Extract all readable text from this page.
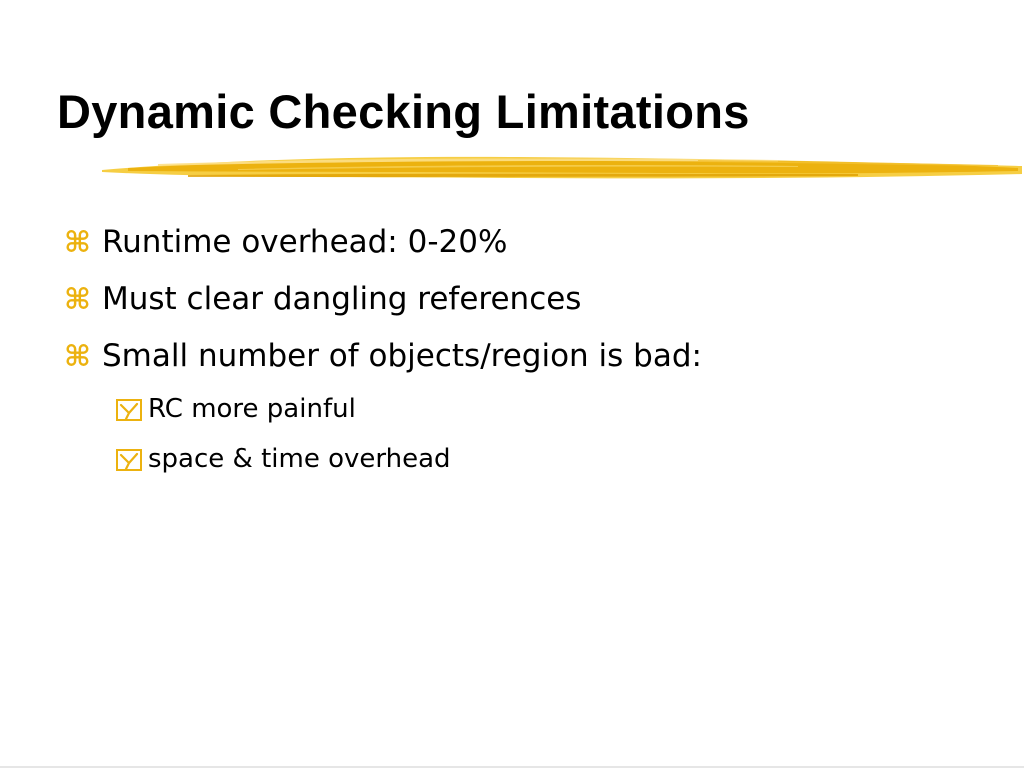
Dynamic Checking Limitations
⌘ Runtime overhead: 0-20%
⌘ Must clear dangling references
⌘ Small number of objects/region is bad:
RC more painful
space & time overhead
